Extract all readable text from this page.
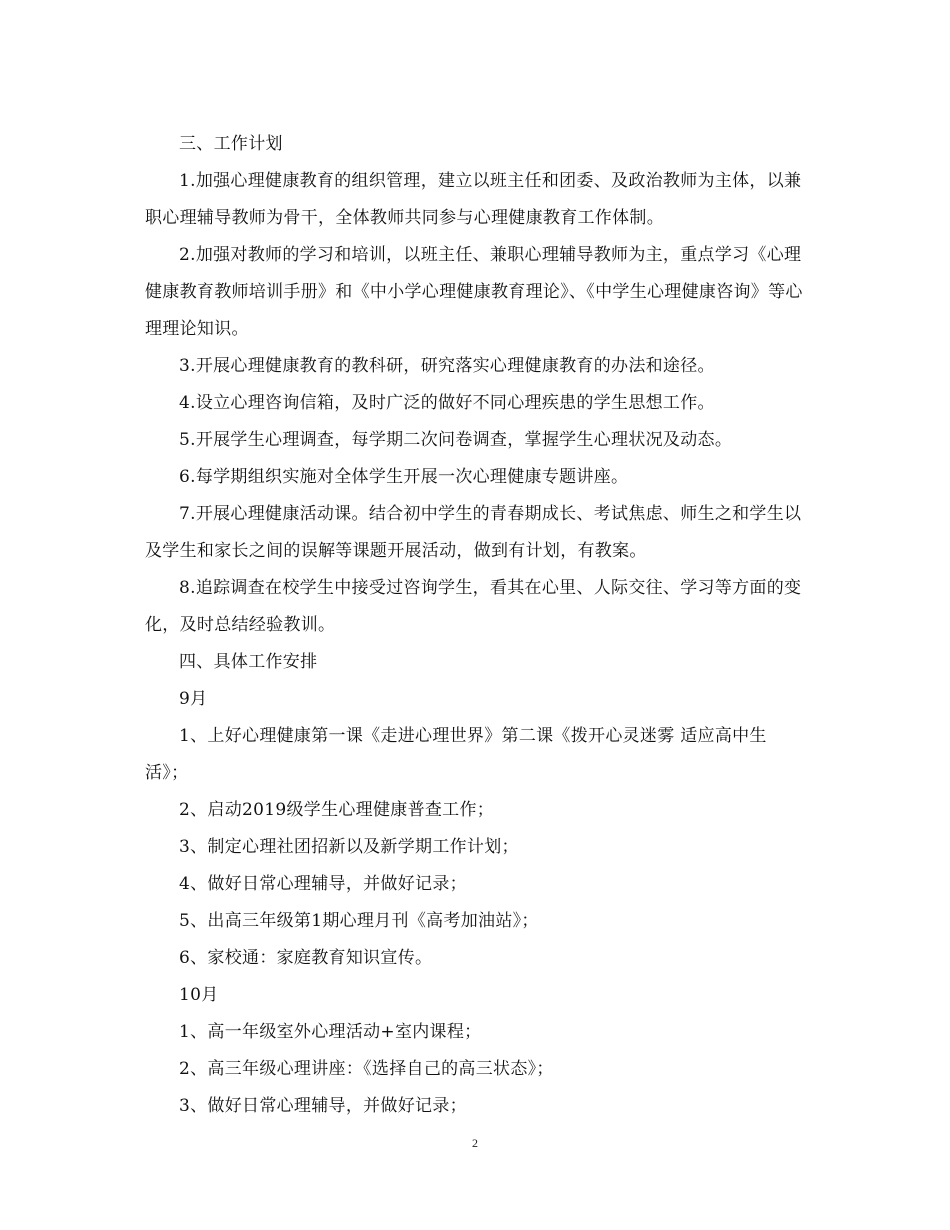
三、工作计划

1.加强心理健康教育的组织管理，建立以班主任和团委、及政治教师为主体，以兼职心理辅导教师为骨干，全体教师共同参与心理健康教育工作体制。

2.加强对教师的学习和培训，以班主任、兼职心理辅导教师为主，重点学习《心理健康教育教师培训手册》和《中小学心理健康教育理论》、《中学生心理健康咨询》等心理理论知识。

3.开展心理健康教育的教科研，研究落实心理健康教育的办法和途径。

4.设立心理咨询信箱，及时广泛的做好不同心理疾患的学生思想工作。

5.开展学生心理调查，每学期二次问卷调查，掌握学生心理状况及动态。

6.每学期组织实施对全体学生开展一次心理健康专题讲座。

7.开展心理健康活动课。结合初中学生的青春期成长、考试焦虑、师生之和学生以及学生和家长之间的误解等课题开展活动，做到有计划，有教案。

8.追踪调查在校学生中接受过咨询学生，看其在心里、人际交往、学习等方面的变化，及时总结经验教训。

四、具体工作安排

9月

1、上好心理健康第一课《走进心理世界》第二课《拨开心灵迷雾 适应高中生活》；

2、启动2019级学生心理健康普查工作；

3、制定心理社团招新以及新学期工作计划；

4、做好日常心理辅导，并做好记录；

5、出高三年级第1期心理月刊《高考加油站》；

6、家校通：家庭教育知识宣传。

10月

1、高一年级室外心理活动+室内课程；

2、高三年级心理讲座：《选择自己的高三状态》；

3、做好日常心理辅导，并做好记录；

2
